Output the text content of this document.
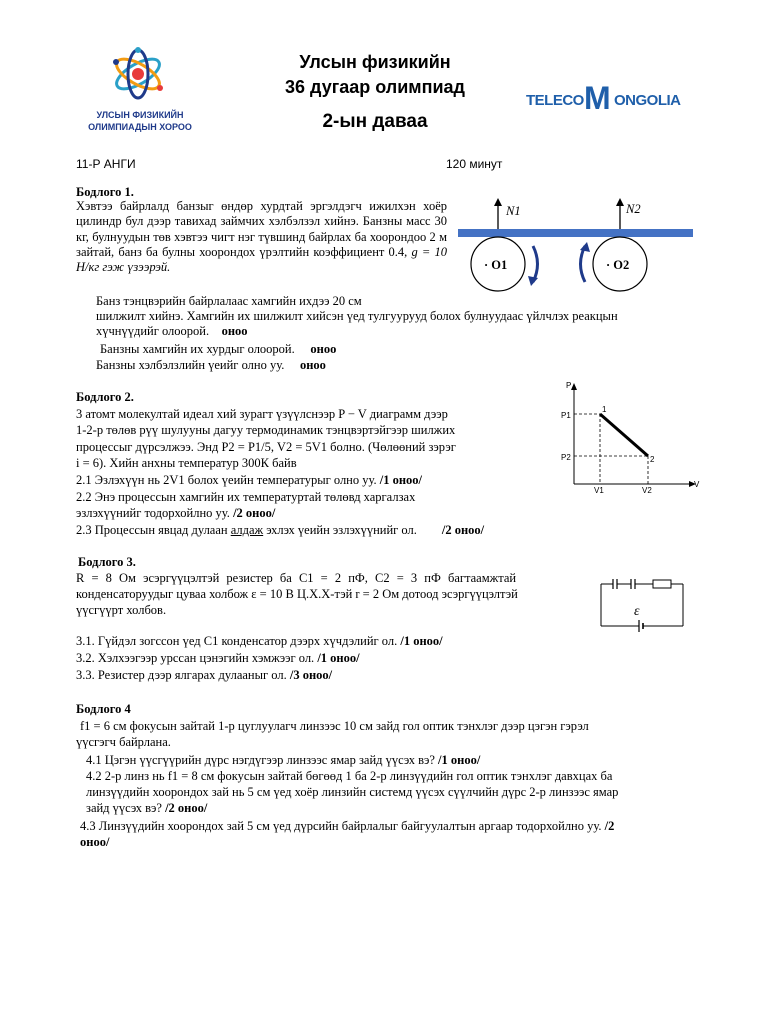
УЛСЫН ФИЗИКИЙН
ОЛИМПИАДЫН ХОРОО
Улсын физикийн
36 дугаар олимпиад
2-ын даваа
TELECO M ONGOLIA
11-Р АНГИ	120 минут
Бодлого 1.
Хэвтээ байрлалд банзыг өндөр хурдтай эргэлдэгч ижилхэн хоёр цилиндр бул дээр тавихад займчих хэлбэлзэл хийнэ. Банзны масс 30 кг, булнуудын төв хэвтээ чигт нэг түвшинд байрлах ба хоорондоо 2 м зайтай, банз ба булны хоорондох үрэлтийн коэффициент 0.4, g = 10 Н/кг гэж үзээрэй.
N1	N2
· O1	· O2
Банз тэнцвэрийн байрлалаас хамгийн ихдээ 20 см
шилжилт хийнэ. Хамгийн их шилжилт хийсэн үед тулгуурууд болох булнуудаас үйлчлэх реакцын
хүчнүүдийг олоорой. оноо
Банзны хамгийн их хурдыг олоорой. оноо
Банзны хэлбэлзлийн үеийг олно уу. оноо
Бодлого 2.
3 атомт молекултай идеал хий зурагт үзүүлснээр P − V диаграмм дээр
1-2-р төлөв рүү шулууны дагуу термодинамик тэнцвэртэйгээр шилжих
процессыг дүрсэлжээ. Энд P2 = P1/5, V2 = 5V1 болно. (Чөлөөний зэрэг
i = 6). Хийн анхны температур 300К байв
2.1 Эзлэхүүн нь 2V1 болох үеийн температурыг олно уу. /1 оноо/
2.2 Энэ процессын хамгийн их температуртай төлөвд харгалзах
эзлэхүүнийг тодорхойлно уу. /2 оноо/
2.3 Процессын явцад дулаан алдаж эхлэх үеийн эзлэхүүнийг ол. /2 оноо/
P
V
P1
P2
V1	V2
1
2
Бодлого 3.
R = 8 Ом эсэргүүцэлтэй резистер ба C1 = 2 пФ, C2 = 3 пФ багтаамжтай
конденсаторуудыг цуваа холбож ε = 10 В Ц.Х.Х-тэй r = 2 Ом дотоод эсэргүүцэлтэй
үүсгүүрт холбов.	ε
3.1. Гүйдэл зогссон үед C1 конденсатор дээрх хүчдэлийг ол. /1 оноо/
3.2. Хэлхээгээр урссан цэнэгийн хэмжээг ол. /1 оноо/
3.3. Резистер дээр ялгарах дулааныг ол. /3 оноо/
Бодлого 4
f1 = 6 см фокусын зайтай 1-р цуглуулагч линзээс 10 см зайд гол оптик тэнхлэг дээр цэгэн гэрэл
үүсгэгч байрлана.
4.1 Цэгэн үүсгүүрийн дүрс нэгдүгээр линзээс ямар зайд үүсэх вэ? /1 оноо/
4.2 2-р линз нь f1 = 8 см фокусын зайтай бөгөөд 1 ба 2-р линзүүдийн гол оптик тэнхлэг давхцах ба
линзүүдийн хоорондох зай нь 5 см үед хоёр линзийн системд үүсэх сүүлчийн дүрс 2-р линзээс ямар
зайд үүсэх вэ? /2 оноо/
4.3 Линзүүдийн хоорондох зай 5 см үед дүрсийн байрлалыг байгуулалтын аргаар тодорхойлно уу. /2
оноо/
